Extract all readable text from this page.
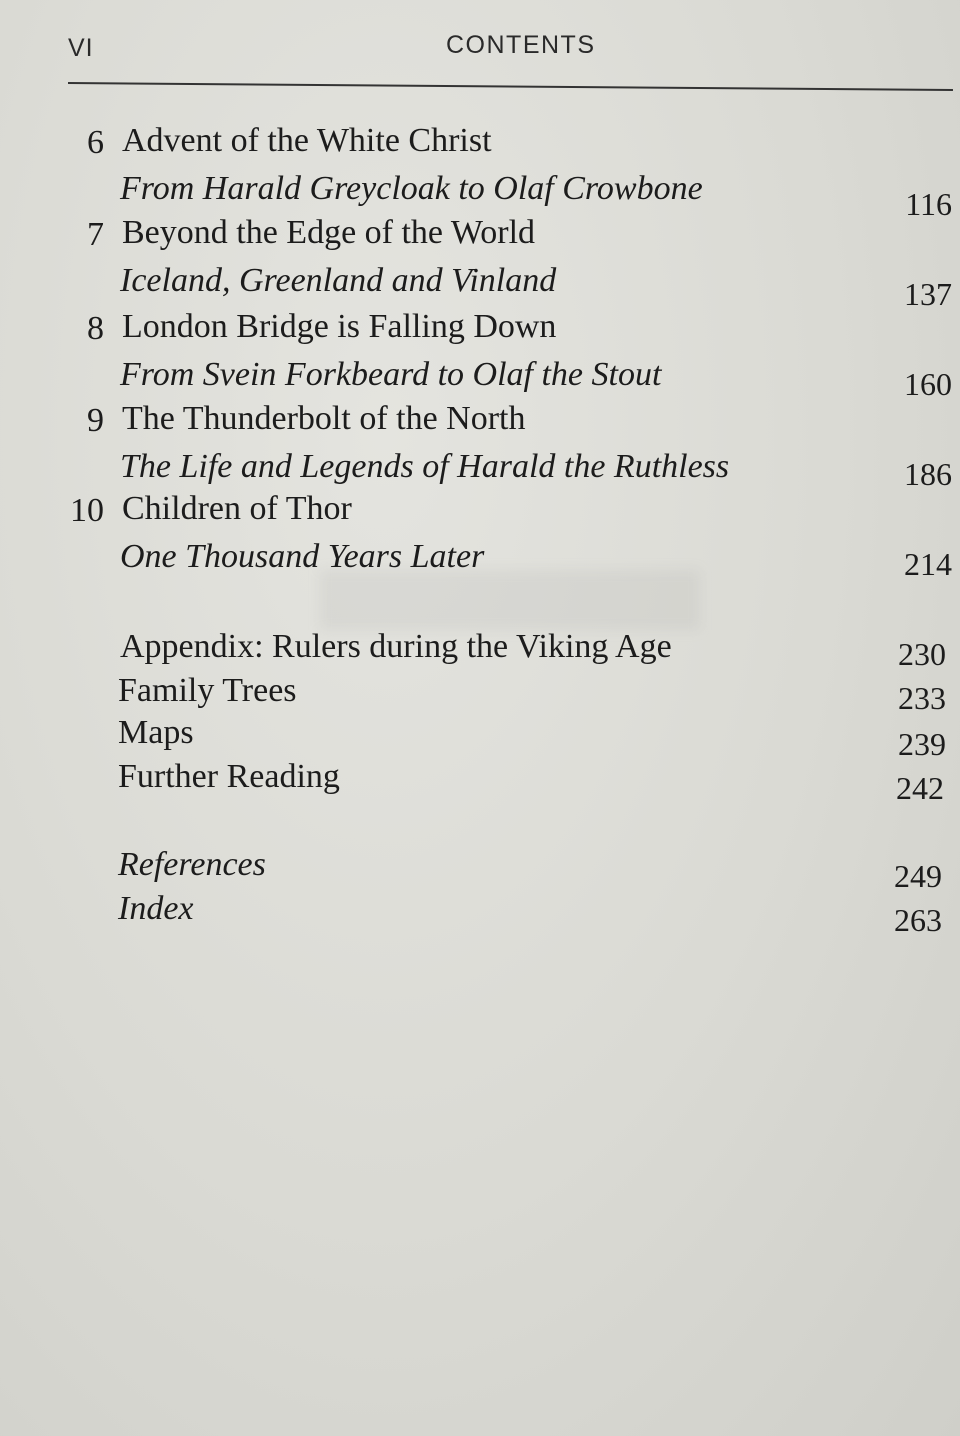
VI	CONTENTS
6 Advent of the White Christ
From Harald Greycloak to Olaf Crowbone	116
7 Beyond the Edge of the World
Iceland, Greenland and Vinland	137
8 London Bridge is Falling Down
From Svein Forkbeard to Olaf the Stout	160
9 The Thunderbolt of the North
The Life and Legends of Harald the Ruthless	186
10 Children of Thor
One Thousand Years Later	214
Appendix: Rulers during the Viking Age	230
Family Trees	233
Maps	239
Further Reading	242
References	249
Index	263
